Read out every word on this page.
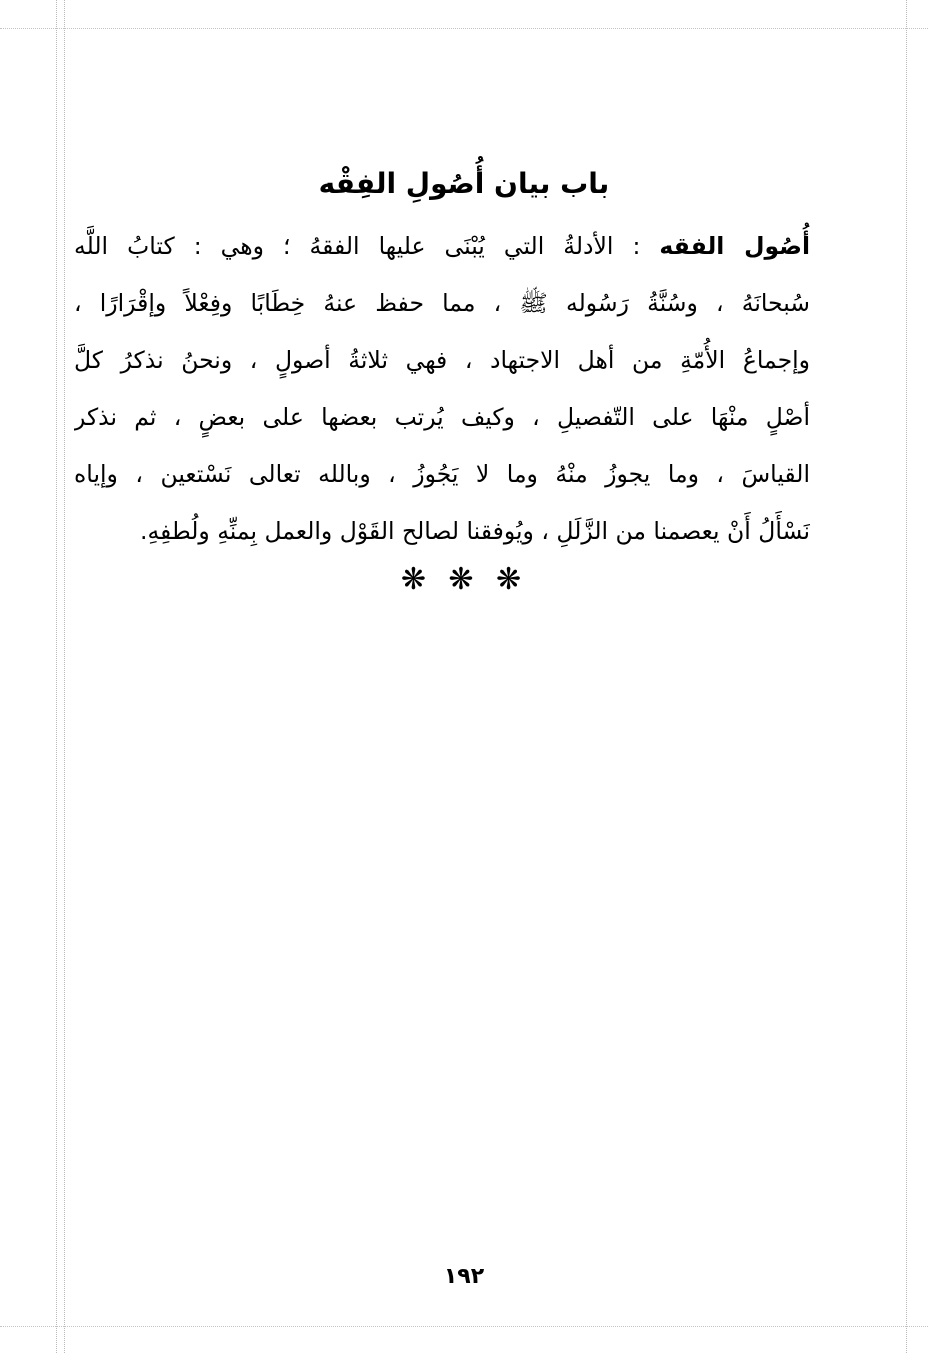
باب بيان أُصُولِ الفِقْه
أُصُول الفقه : الأدلةُ التي يُبْنَى عليها الفقهُ ؛ وهي : كتابُ اللَّه
سُبحانَهُ ، وسُنَّةُ رَسُوله ﷺ ، مما حفظ عنهُ خِطَابًا وفِعْلاً وإقْرَارًا ،
وإجماعُ الأُمّةِ من أهل الاجتهاد ، فهي ثلاثةُ أصولٍ ، ونحنُ نذكرُ كلَّ
أصْلٍ منْهَا على التّفصيلِ ، وكيف يُرتب بعضها على بعضٍ ، ثم نذكر
القياسَ ، وما يجوزُ منْهُ وما لا يَجُوزُ ، وبالله تعالى نَسْتعين ، وإياه
نَسْأَلُ أَنْ يعصمنا من الزَّلَلِ ، ويُوفقنا لصالح القَوْل والعمل بِمنِّهِ ولُطفِهِ.
❋ ❋ ❋
١٩٢
